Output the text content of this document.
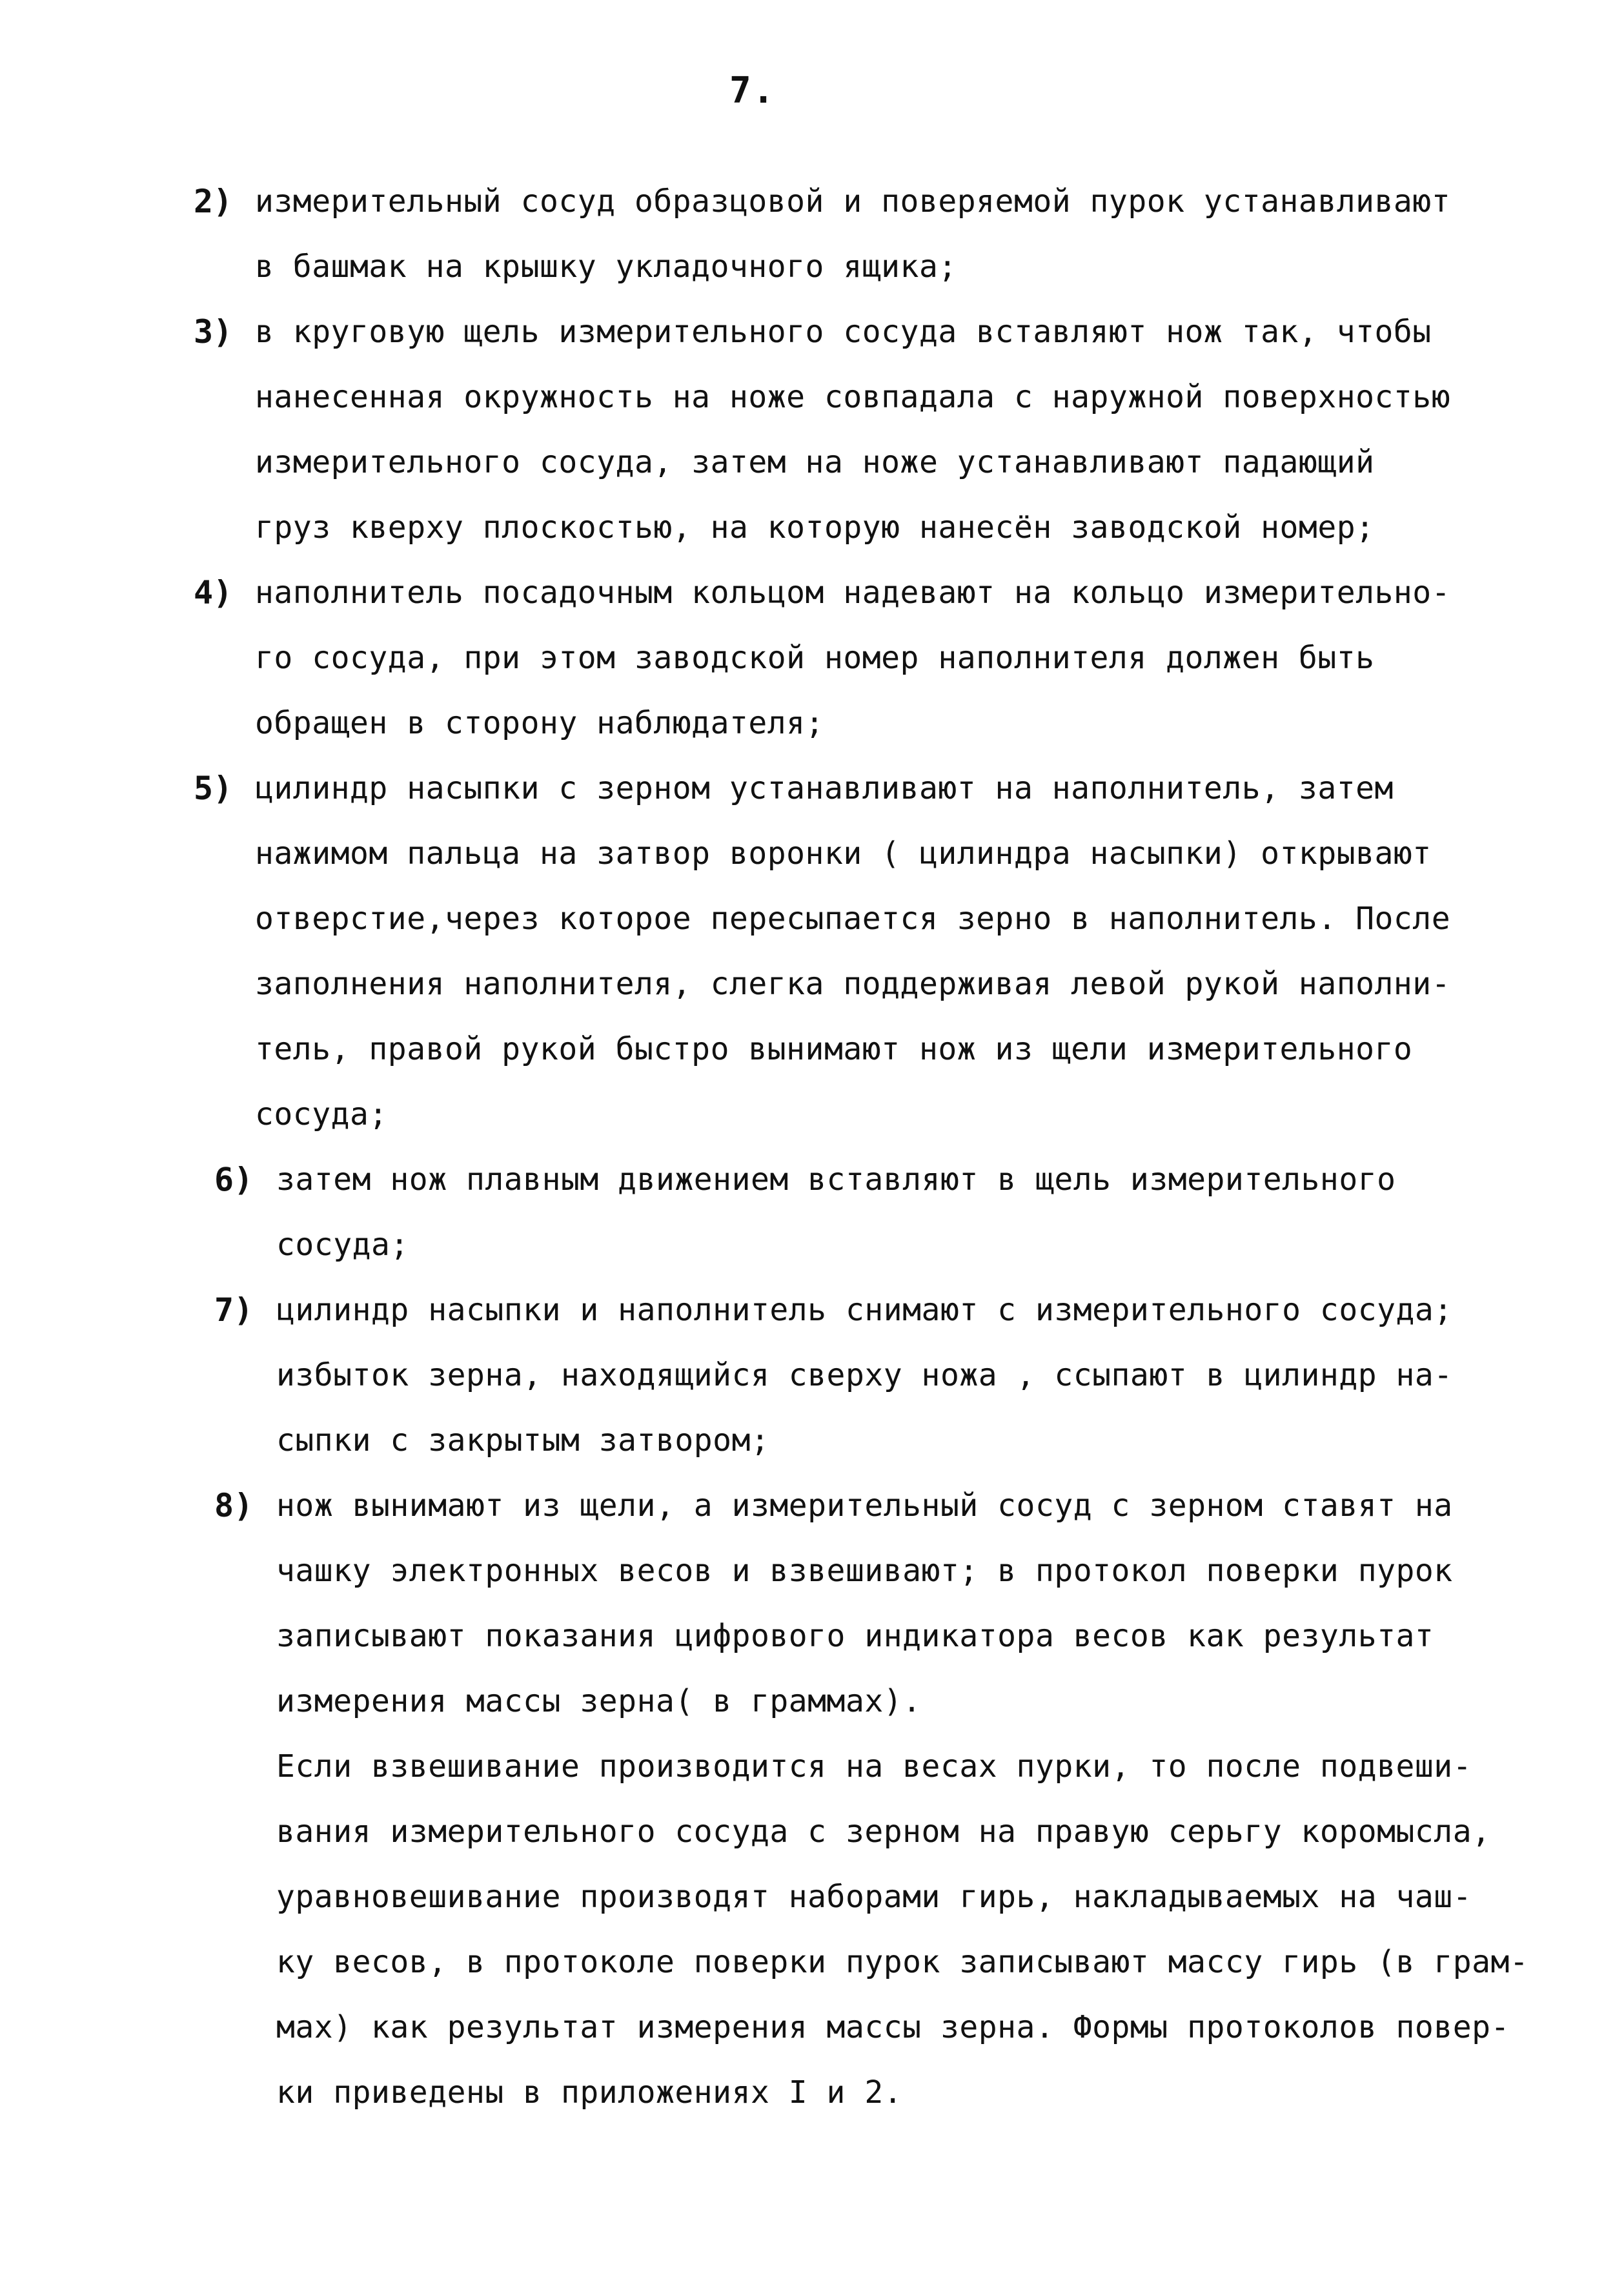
7.
2) измерительный сосуд образцовой и поверяемой пурок устанавливают
в башмак на крышку укладочного ящика;
3) в круговую щель измерительного сосуда вставляют нож так, чтобы
нанесенная окружность на ноже совпадала с наружной поверхностью
измерительного сосуда, затем на ноже устанавливают падающий
груз кверху плоскостью, на которую нанесён заводской номер;
4) наполнитель посадочным кольцом надевают на кольцо измерительно-
го сосуда, при этом заводской номер наполнителя должен быть
обращен в сторону наблюдателя;
5) цилиндр насыпки с зерном устанавливают на наполнитель, затем
нажимом пальца на затвор воронки ( цилиндра насыпки) открывают
отверстие,через которое пересыпается зерно в наполнитель. После
заполнения наполнителя, слегка поддерживая левой рукой наполни-
тель, правой рукой быстро вынимают нож из щели измерительного
сосуда;
6) затем нож плавным движением вставляют в щель измерительного
сосуда;
7) цилиндр насыпки и наполнитель снимают с измерительного сосуда;
избыток зерна, находящийся сверху ножа , ссыпают в цилиндр на-
сыпки с закрытым затвором;
8) нож вынимают из щели, а измерительный сосуд с зерном ставят на
чашку электронных весов и взвешивают; в протокол поверки пурок
записывают показания цифрового индикатора весов как результат
измерения массы зерна( в граммах).
Если взвешивание производится на весах пурки, то после подвеши-
вания измерительного сосуда с зерном на правую серьгу коромысла,
уравновешивание производят наборами гирь, накладываемых на чаш-
ку весов, в протоколе поверки пурок записывают массу гирь (в грам-
мах) как результат измерения массы зерна. Формы протоколов повер-
ки приведены в приложениях I и 2.
